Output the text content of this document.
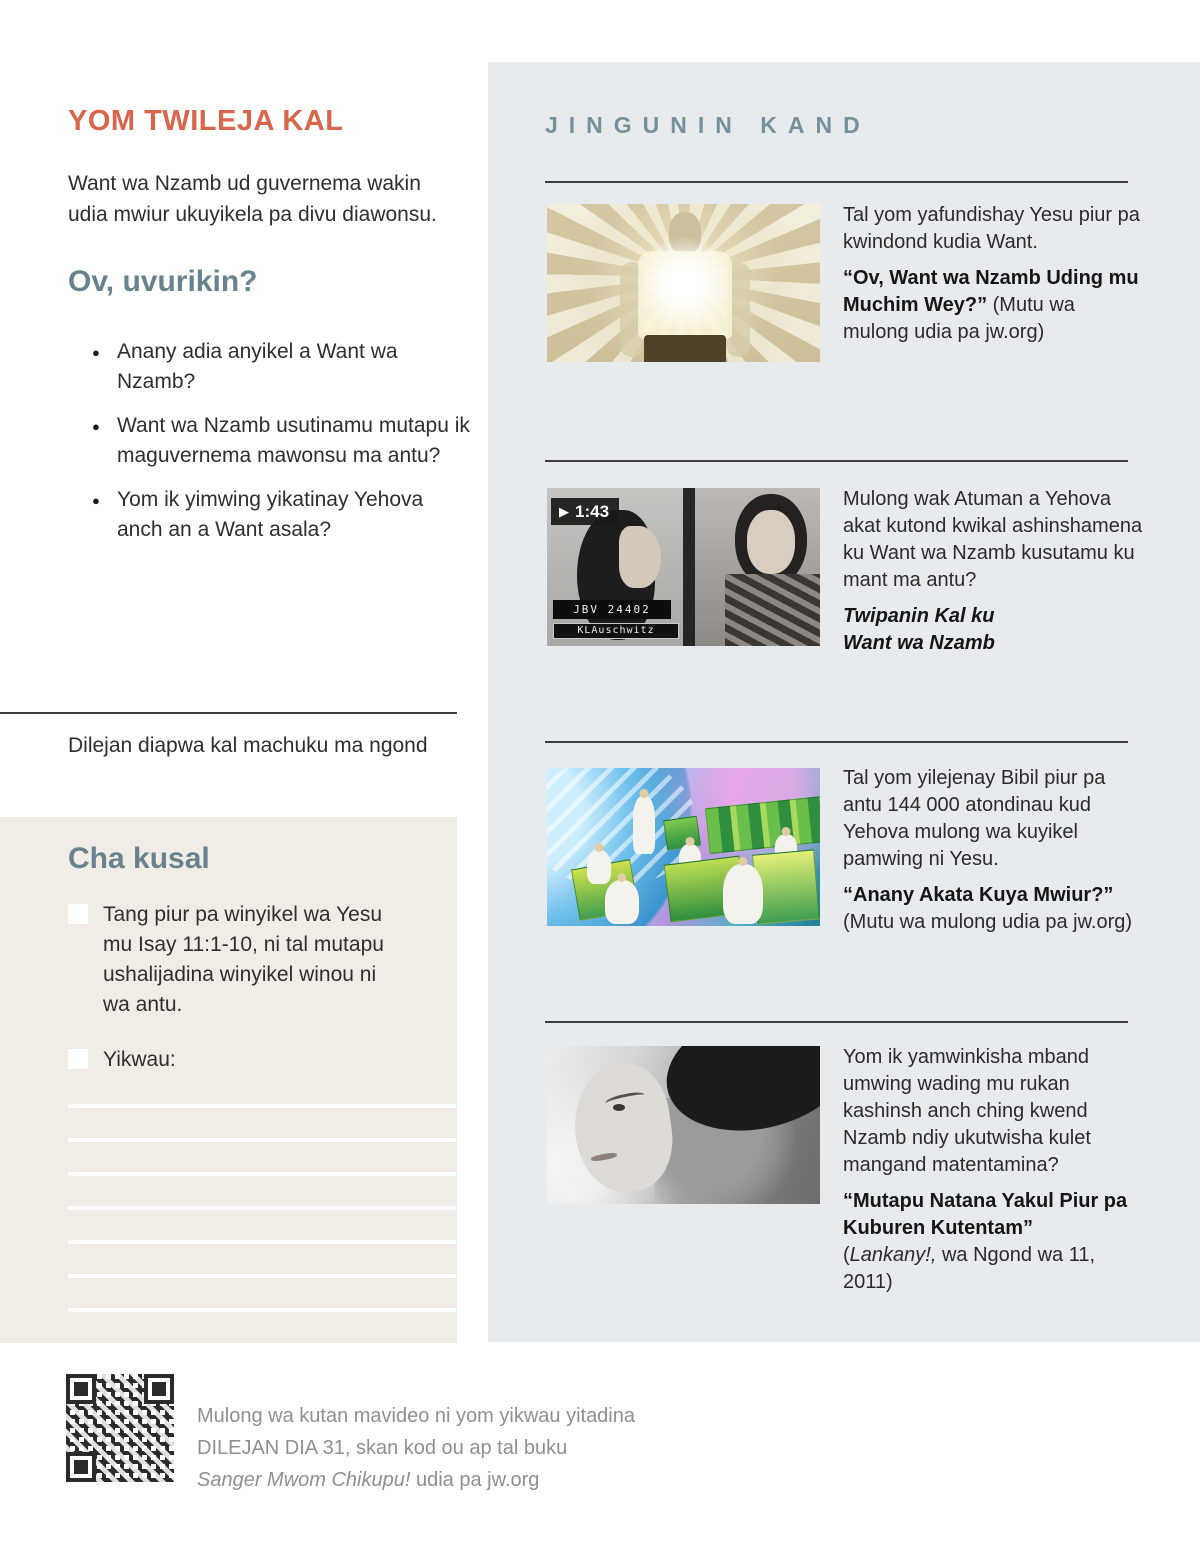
YOM TWILEJA KAL

Want wa Nzamb ud guvernema wakin udia mwiur ukuyikela pa divu diawonsu.

Ov, uvurikin?
● Anany adia anyikel a Want wa Nzamb?
● Want wa Nzamb usutinamu mutapu ik maguvernema mawonsu ma antu?
● Yom ik yimwing yikatinay Yehova anch an a Want asala?

Dilejan diapwa kal machuku ma ngond

Cha kusal
Tang piur pa winyikel wa Yesu mu Isay 11:1-10, ni tal mutapu ushalijadina winyikel winou ni wa antu.
Yikwau:
JINGUNIN KAND

Tal yom yafundishay Yesu piur pa kwindond kudia Want.

“Ov, Want wa Nzamb Uding mu Muchim Wey?” (Mutu wa mulong udia pa jw.org)

JBV 24402
KLAuschwitz
▶ 1:43

Mulong wak Atuman a Yehova akat kutond kwikal ashinshamena ku Want wa Nzamb kusutamu ku mant ma antu?

Twipanin Kal ku
Want wa Nzamb

Tal yom yilejenay Bibil piur pa antu 144 000 atondinau kud Yehova mulong wa kuyikel pamwing ni Yesu.

“Anany Akata Kuya Mwiur?”
(Mutu wa mulong udia pa jw.org)

Yom ik yamwinkisha mband umwing wading mu rukan kashinsh anch ching kwend Nzamb ndiy ukutwisha kulet mangand matentamina?

“Mutapu Natana Yakul Piur pa Kuburen Kutentam”
(Lankany!, wa Ngond wa 11, 2011)

Mulong wa kutan mavideo ni yom yikwau yitadina
DILEJAN DIA 31, skan kod ou ap tal buku
Sanger Mwom Chikupu! udia pa jw.org
